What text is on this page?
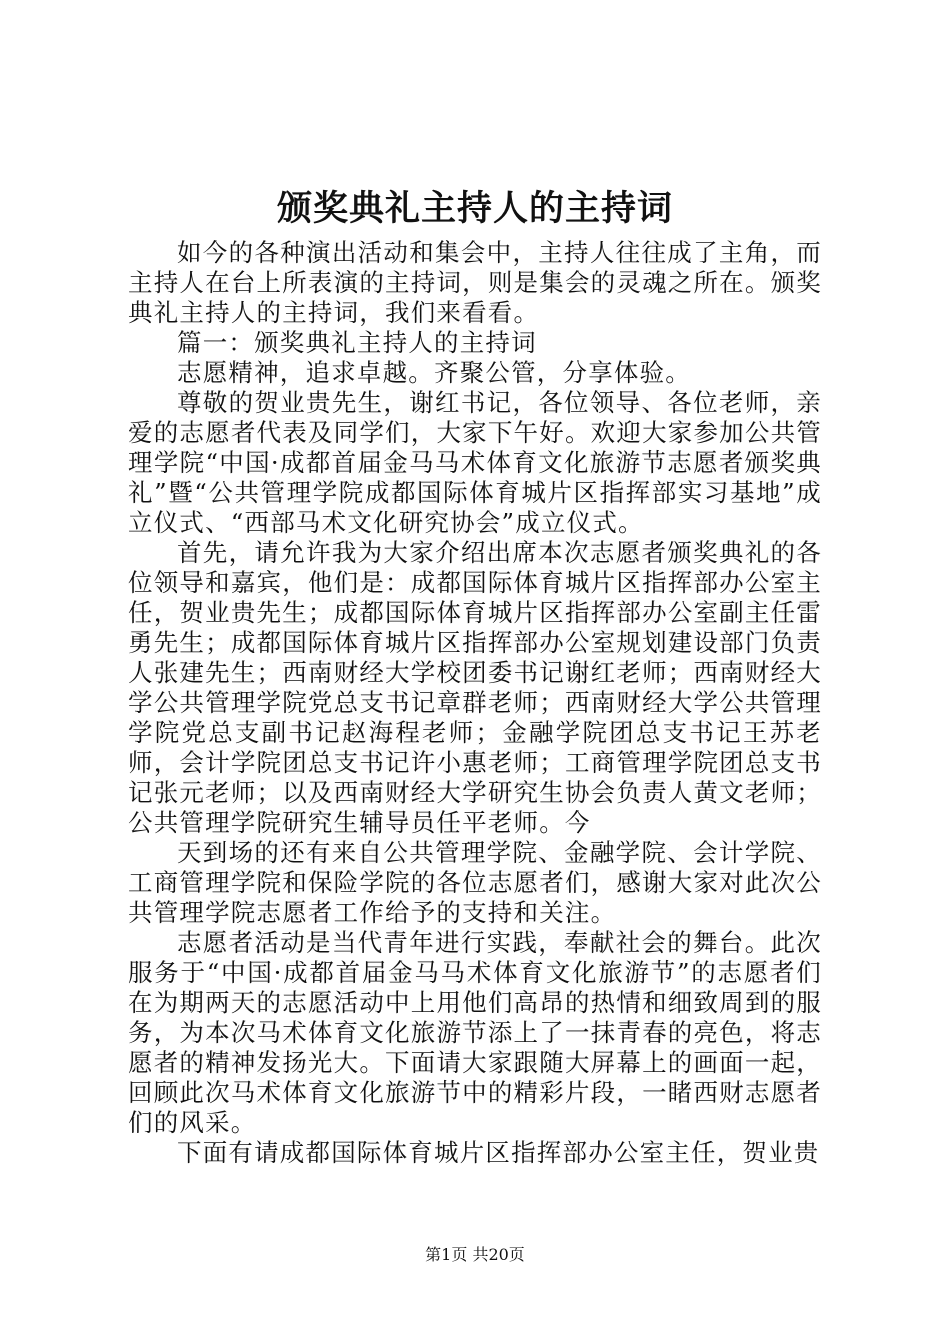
颁奖典礼主持人的主持词

如今的各种演出活动和集会中，主持人往往成了主角，而主持人在台上所表演的主持词，则是集会的灵魂之所在。颁奖典礼主持人的主持词，我们来看看。

篇一：颁奖典礼主持人的主持词

志愿精神，追求卓越。齐聚公管，分享体验。

尊敬的贺业贵先生，谢红书记，各位领导、各位老师，亲爱的志愿者代表及同学们，大家下午好。欢迎大家参加公共管理学院“中国·成都首届金马马术体育文化旅游节志愿者颁奖典礼”暨“公共管理学院成都国际体育城片区指挥部实习基地”成立仪式、“西部马术文化研究协会”成立仪式。

首先，请允许我为大家介绍出席本次志愿者颁奖典礼的各位领导和嘉宾，他们是：成都国际体育城片区指挥部办公室主任，贺业贵先生；成都国际体育城片区指挥部办公室副主任雷勇先生；成都国际体育城片区指挥部办公室规划建设部门负责人张建先生；西南财经大学校团委书记谢红老师；西南财经大学公共管理学院党总支书记章群老师；西南财经大学公共管理学院党总支副书记赵海程老师；金融学院团总支书记王苏老师，会计学院团总支书记许小惠老师；工商管理学院团总支书记张元老师；以及西南财经大学研究生协会负责人黄文老师；公共管理学院研究生辅导员任平老师。今

天到场的还有来自公共管理学院、金融学院、会计学院、工商管理学院和保险学院的各位志愿者们，感谢大家对此次公共管理学院志愿者工作给予的支持和关注。

志愿者活动是当代青年进行实践，奉献社会的舞台。此次服务于“中国·成都首届金马马术体育文化旅游节”的志愿者们在为期两天的志愿活动中上用他们高昂的热情和细致周到的服务，为本次马术体育文化旅游节添上了一抹青春的亮色，将志愿者的精神发扬光大。下面请大家跟随大屏幕上的画面一起，回顾此次马术体育文化旅游节中的精彩片段，一睹西财志愿者们的风采。

下面有请成都国际体育城片区指挥部办公室主任，贺业贵

第1页 共20页
